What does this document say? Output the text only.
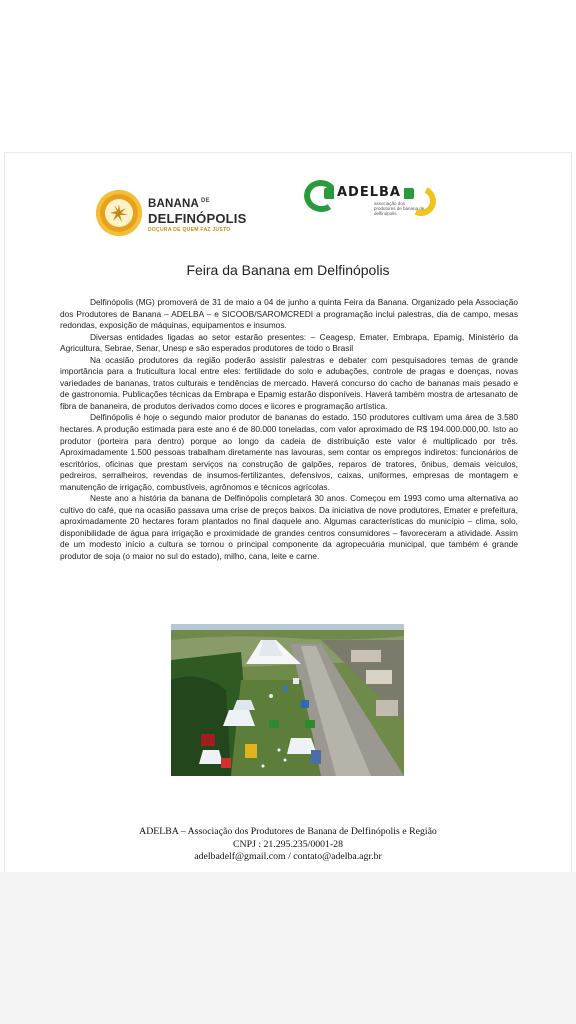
BANANA $^{DE}$
DELFINÓPOLIS
DOÇURA DE QUEM FAZ JUSTO
ADELBA
associação dos produtores de banana de delfinópolis
Feira da Banana em Delfinópolis

Delfinópolis (MG) promoverá de 31 de maio a 04 de junho a quinta Feira da Banana. Organizado pela Associação dos Produtores de Banana – ADELBA – e SICOOB/SAROMCREDI a programação inclui palestras, dia de campo, mesas redondas, exposição de máquinas, equipamentos e insumos.

Diversas entidades ligadas ao setor estarão presentes: – Ceagesp, Emater, Embrapa, Epamig, Ministério da Agricultura, Sebrae, Senar, Unesp e são esperados produtores de todo o Brasil

Na ocasião produtores da região poderão assistir palestras e debater com pesquisadores temas de grande importância para a fruticultura local entre eles: fertilidade do solo e adubações, controle de pragas e doenças, novas variedades de bananas, tratos culturais e tendências de mercado. Haverá concurso do cacho de bananas mais pesado e de gastronomia. Publicações técnicas da Embrapa e Epamig estarão disponíveis. Haverá também mostra de artesanato de fibra de bananeira, de produtos derivados como doces e licores e programação artística.

Delfinópolis é hoje o segundo maior produtor de bananas do estado. 150 produtores cultivam uma área de 3.580 hectares. A produção estimada para este ano é de 80.000 toneladas, com valor aproximado de R$ 194.000.000,00. Isto ao produtor (porteira para dentro) porque ao longo da cadeia de distribuição este valor é multiplicado por três. Aproximadamente 1.500 pessoas trabalham diretamente nas lavouras, sem contar os empregos indiretos: funcionários de escritórios, oficinas que prestam serviços na construção de galpões, reparos de tratores, ônibus, demais veículos, pedreiros, serralheiros, revendas de insumos-fertilizantes, defensivos, caixas, uniformes, empresas de montagem e manutenção de irrigação, combustíveis, agrônomos e técnicos agrícolas.

Neste ano a história da banana de Delfinópolis completará 30 anos. Começou em 1993 como uma alternativa ao cultivo do café, que na ocasião passava uma crise de preços baixos. Da iniciativa de nove produtores, Emater e prefeitura, aproximadamente 20 hectares foram plantados no final daquele ano. Algumas características do município – clima, solo, disponibilidade de água para irrigação e proximidade de grandes centros consumidores – favoreceram a atividade. Assim de um modesto início a cultura se tornou o principal componente da agropecuária municipal, que também é grande produtor de soja (o maior no sul do estado), milho, cana, leite e carne.

ADELBA – Associação dos Produtores de Banana de Delfinópolis e Região
CNPJ : 21.295.235/0001-28
adelbadelf@gmail.com / contato@adelba.agr.br
